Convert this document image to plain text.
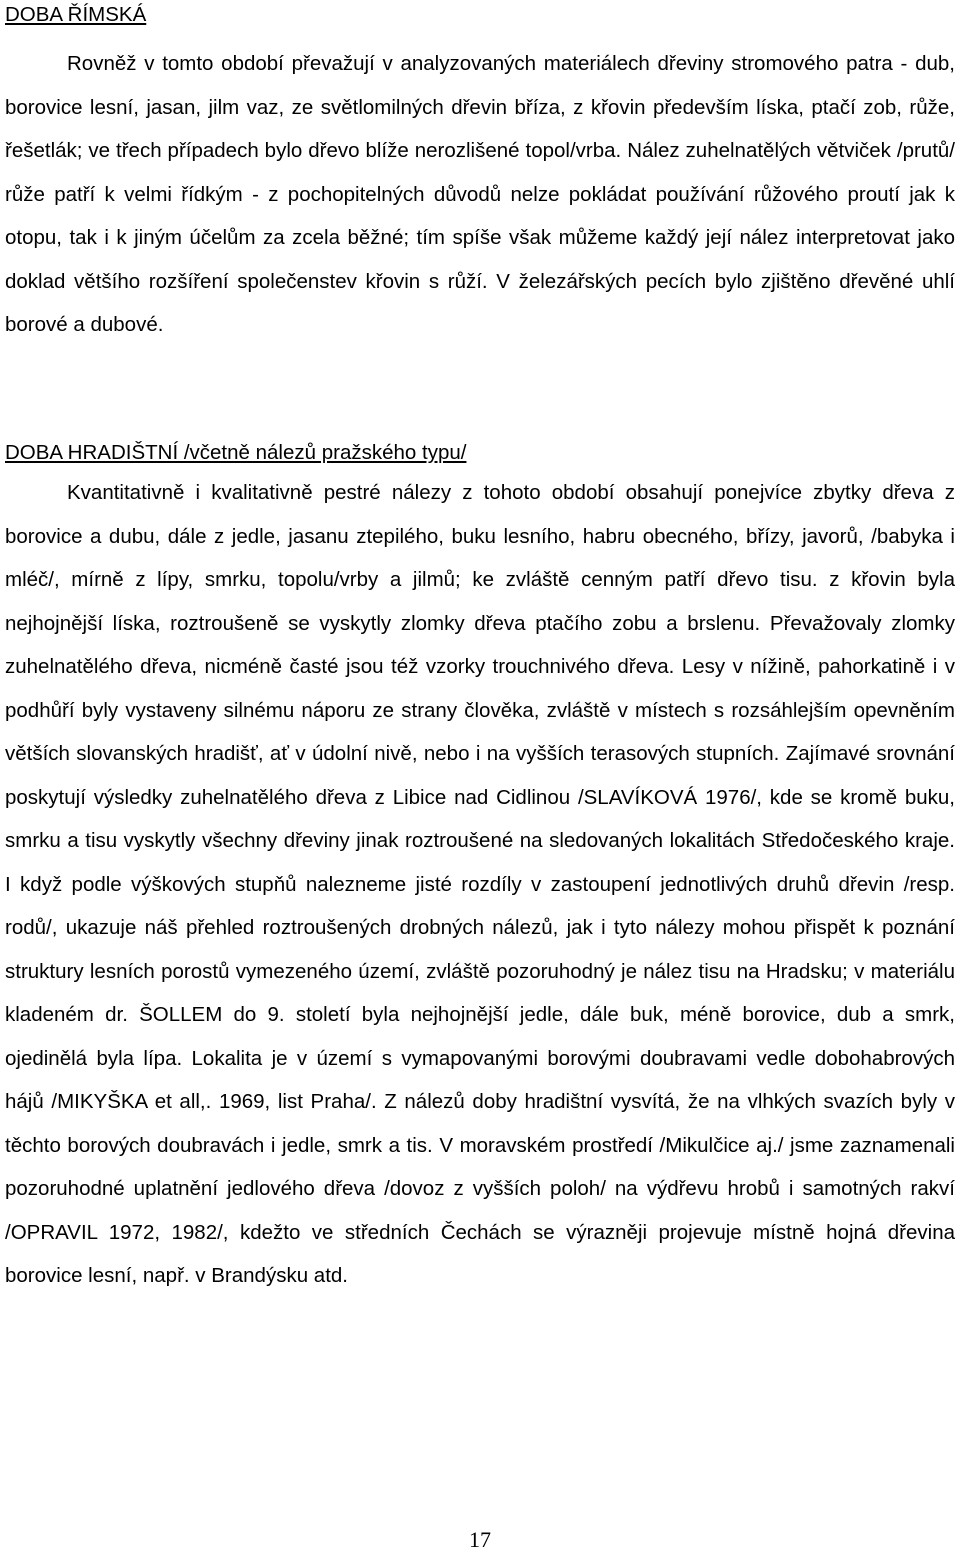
DOBA ŘÍMSKÁ

Rovněž v tomto období převažují v analyzovaných materiálech dřeviny stromového patra - dub, borovice lesní, jasan, jilm vaz, ze světlomilných dřevin bříza, z křovin především líska, ptačí zob, růže, řešetlák; ve třech případech bylo dřevo blíže nerozlišené topol/vrba. Nález zuhelnatělých větviček /prutů/ růže patří k velmi řídkým - z pochopitelných důvodů nelze pokládat používání růžového proutí jak k otopu, tak i k jiným účelům za zcela běžné; tím spíše však můžeme každý její nález interpretovat jako doklad většího rozšíření společenstev křovin s růží. V železářských pecích bylo zjištěno dřevěné uhlí borové a dubové.

DOBA HRADIŠTNÍ /včetně nálezů pražského typu/

Kvantitativně i kvalitativně pestré nálezy z tohoto období obsahují ponejvíce zbytky dřeva z borovice a dubu, dále z jedle, jasanu ztepilého, buku lesního, habru obecného, břízy, javorů, /babyka i mléč/, mírně z lípy, smrku, topolu/vrby a jilmů; ke zvláště cenným patří dřevo tisu. z křovin byla nejhojnější líska, roztroušeně se vyskytly zlomky dřeva ptačího zobu a brslenu. Převažovaly zlomky zuhelnatělého dřeva, nicméně časté jsou též vzorky trouchnivého dřeva. Lesy v nížině, pahorkatině i v podhůří byly vystaveny silnému náporu ze strany člověka, zvláště v místech s rozsáhlejším opevněním větších slovanských hradišť, ať v údolní nivě, nebo i na vyšších terasových stupních. Zajímavé srovnání poskytují výsledky zuhelnatělého dřeva z Libice nad Cidlinou /SLAVÍKOVÁ 1976/, kde se kromě buku, smrku a tisu vyskytly všechny dřeviny jinak roztroušené na sledovaných lokalitách Středočeského kraje. I když podle výškových stupňů nalezneme jisté rozdíly v zastoupení jednotlivých druhů dřevin /resp. rodů/, ukazuje náš přehled roztroušených drobných nálezů, jak i tyto nálezy mohou přispět k poznání struktury lesních porostů vymezeného území, zvláště pozoruhodný je nález tisu na Hradsku; v materiálu kladeném dr. ŠOLLEM do 9. století byla nejhojnější jedle, dále buk, méně borovice, dub a smrk, ojedinělá byla lípa. Lokalita je v území s vymapovanými borovými doubravami vedle dobohabrových hájů /MIKYŠKA et all,. 1969, list Praha/. Z nálezů doby hradištní vysvítá, že na vlhkých svazích byly v těchto borových doubravách i jedle, smrk a tis. V moravském prostředí /Mikulčice aj./ jsme zaznamenali pozoruhodné uplatnění jedlového dřeva /dovoz z vyšších poloh/ na výdřevu hrobů i samotných rakví /OPRAVIL 1972, 1982/, kdežto ve středních Čechách se výrazněji projevuje místně hojná dřevina borovice lesní, např. v Brandýsku atd.

17
